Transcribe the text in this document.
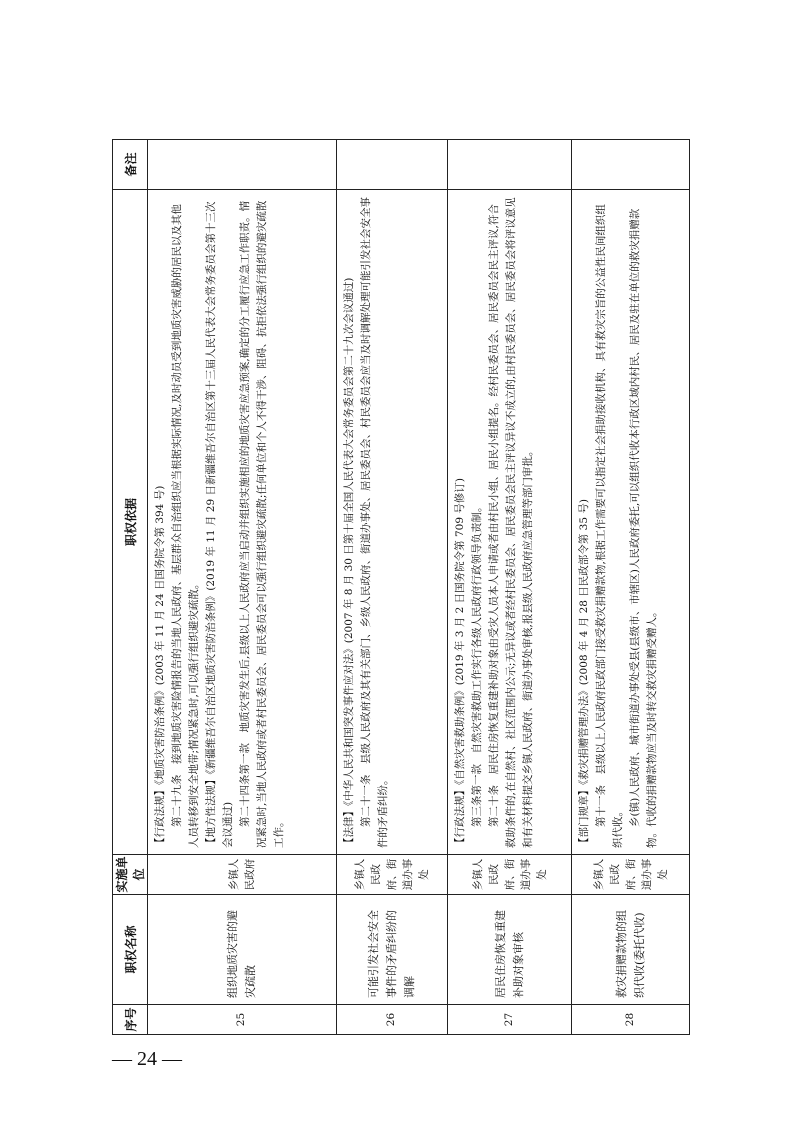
— 24 —
序号	职权名称	实施单位	职权依据	备注
25	组织地质灾害的避灾疏散	乡镇人民政府	【行政法规】《地质灾害防治条例》(2003 年 11 月 24 日国务院令第 394 号) 第二十九条　接到地质灾害险情报告的当地人民政府、基层群众自治组织应当根据实际情况,及时动员受到地质灾害威胁的居民以及其他人员转移到安全地带;情况紧急时,可以强行组织避灾疏散。 【地方性法规】《新疆维吾尔自治区地质灾害防治条例》(2019 年 11 月 29 日新疆维吾尔自治区第十三届人民代表大会常务委员会第十三次会议通过) 第二十四条第一款　地质灾害发生后,县级以上人民政府应当启动并组织实施相应的地质灾害应急预案,确定的分工履行应急工作职责。情况紧急时,当地人民政府或者村民委员会、居民委员会可以强行组织避灾疏散;任何单位和个人不得干涉、阻碍、抗拒依法强行组织的避灾疏散工作。	

26	可能引发社会安全事件的矛盾纠纷的调解	乡镇人民政府、街道办事处	【法律】《中华人民共和国突发事件应对法》(2007 年 8 月 30 日第十届全国人民代表大会常务委员会第二十九次会议通过) 第二十一条　县级人民政府及其有关部门、乡级人民政府、街道办事处、居民委员会、村民委员会应当及时调解处理可能引发社会安全事件的矛盾纠纷。	

27	居民住房恢复重建补助对象审核	乡镇人民政府、街道办事处	【行政法规】《自然灾害救助条例》(2019 年 3 月 2 日国务院令第 709 号修订) 第三条第一款　自然灾害救助工作实行各级人民政府行政领导负责制。 第二十条　居民住房恢复重建补助对象由受灾人员本人申请或者由村民小组、居民小组提名。经村民委员会、居民委员会民主评议,符合救助条件的,在自然村、社区范围内公示;无异议或者经村民委员会、居民委员会民主评议异议不成立的,由村民委员会、居民委员会将评议意见和有关材料提交乡镇人民政府、街道办事处审核,报县级人民政府应急管理等部门审批。	

28	救灾捐赠款物的组织代收(委托代收)	乡镇人民政府、街道办事处	【部门规章】《救灾捐赠管理办法》(2008 年 4 月 28 日民政部令第 35 号) 第十一条　县级以上人民政府民政部门接受救灾捐赠款物,根据工作需要可以指定社会捐助接收机构、具有救灾宗旨的公益性民间组织组织代收。 乡(镇)人民政府、城市街道办事处受县(县级市、市辖区)人民政府委托,可以组织代收本行政区域内村民、居民及驻在单位的救灾捐赠款物。代收的捐赠款物应当及时转交救灾捐赠受赠人。	
